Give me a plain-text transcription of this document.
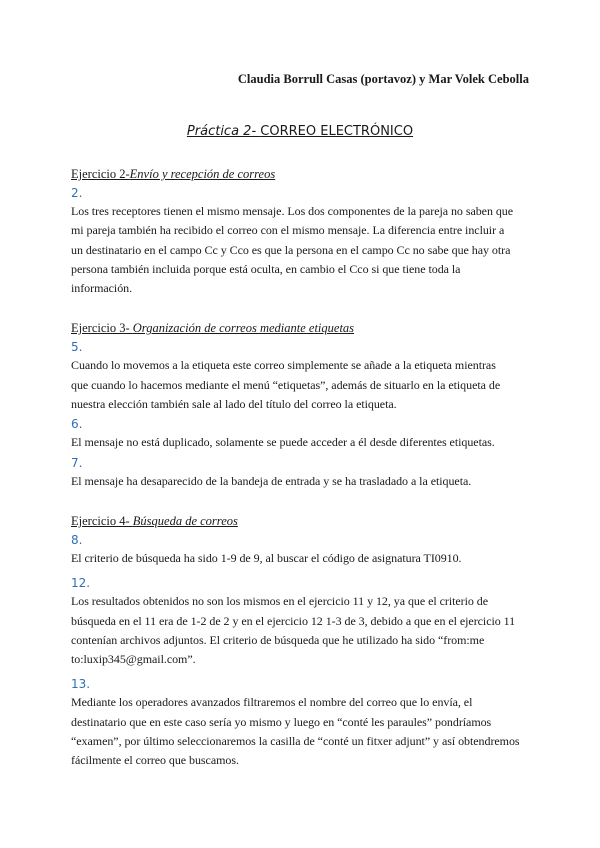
Claudia Borrull Casas (portavoz) y Mar Volek Cebolla
Práctica 2- CORREO ELECTRÓNICO

Ejercicio 2-Envío y recepción de correos

2.

Los tres receptores tienen el mismo mensaje. Los dos componentes de la pareja no saben que

mi pareja también ha recibido el correo con el mismo mensaje. La diferencia entre incluir a

un destinatario en el campo Cc y Cco es que la persona en el campo Cc no sabe que hay otra

persona también incluida porque está oculta, en cambio el Cco si que tiene toda la

información.

Ejercicio 3- Organización de correos mediante etiquetas

5.

Cuando lo movemos a la etiqueta este correo simplemente se añade a la etiqueta mientras

que cuando lo hacemos mediante el menú “etiquetas”, además de situarlo en la etiqueta de

nuestra elección también sale al lado del título del correo la etiqueta.

6.

El mensaje no está duplicado, solamente se puede acceder a él desde diferentes etiquetas.

7.

El mensaje ha desaparecido de la bandeja de entrada y se ha trasladado a la etiqueta.

Ejercicio 4- Búsqueda de correos

8.

El criterio de búsqueda ha sido 1-9 de 9, al buscar el código de asignatura TI0910.

12.

Los resultados obtenidos no son los mismos en el ejercicio 11 y 12, ya que el criterio de

búsqueda en el 11 era de 1-2 de 2 y en el ejercicio 12 1-3 de 3, debido a que en el ejercicio 11

contenían archivos adjuntos. El criterio de búsqueda que he utilizado ha sido “from:me

to:luxip345@gmail.com”.

13.

Mediante los operadores avanzados filtraremos el nombre del correo que lo envía, el

destinatario que en este caso sería yo mismo y luego en “conté les paraules” pondríamos

“examen”, por último seleccionaremos la casilla de “conté un fitxer adjunt” y así obtendremos

fácilmente el correo que buscamos.
